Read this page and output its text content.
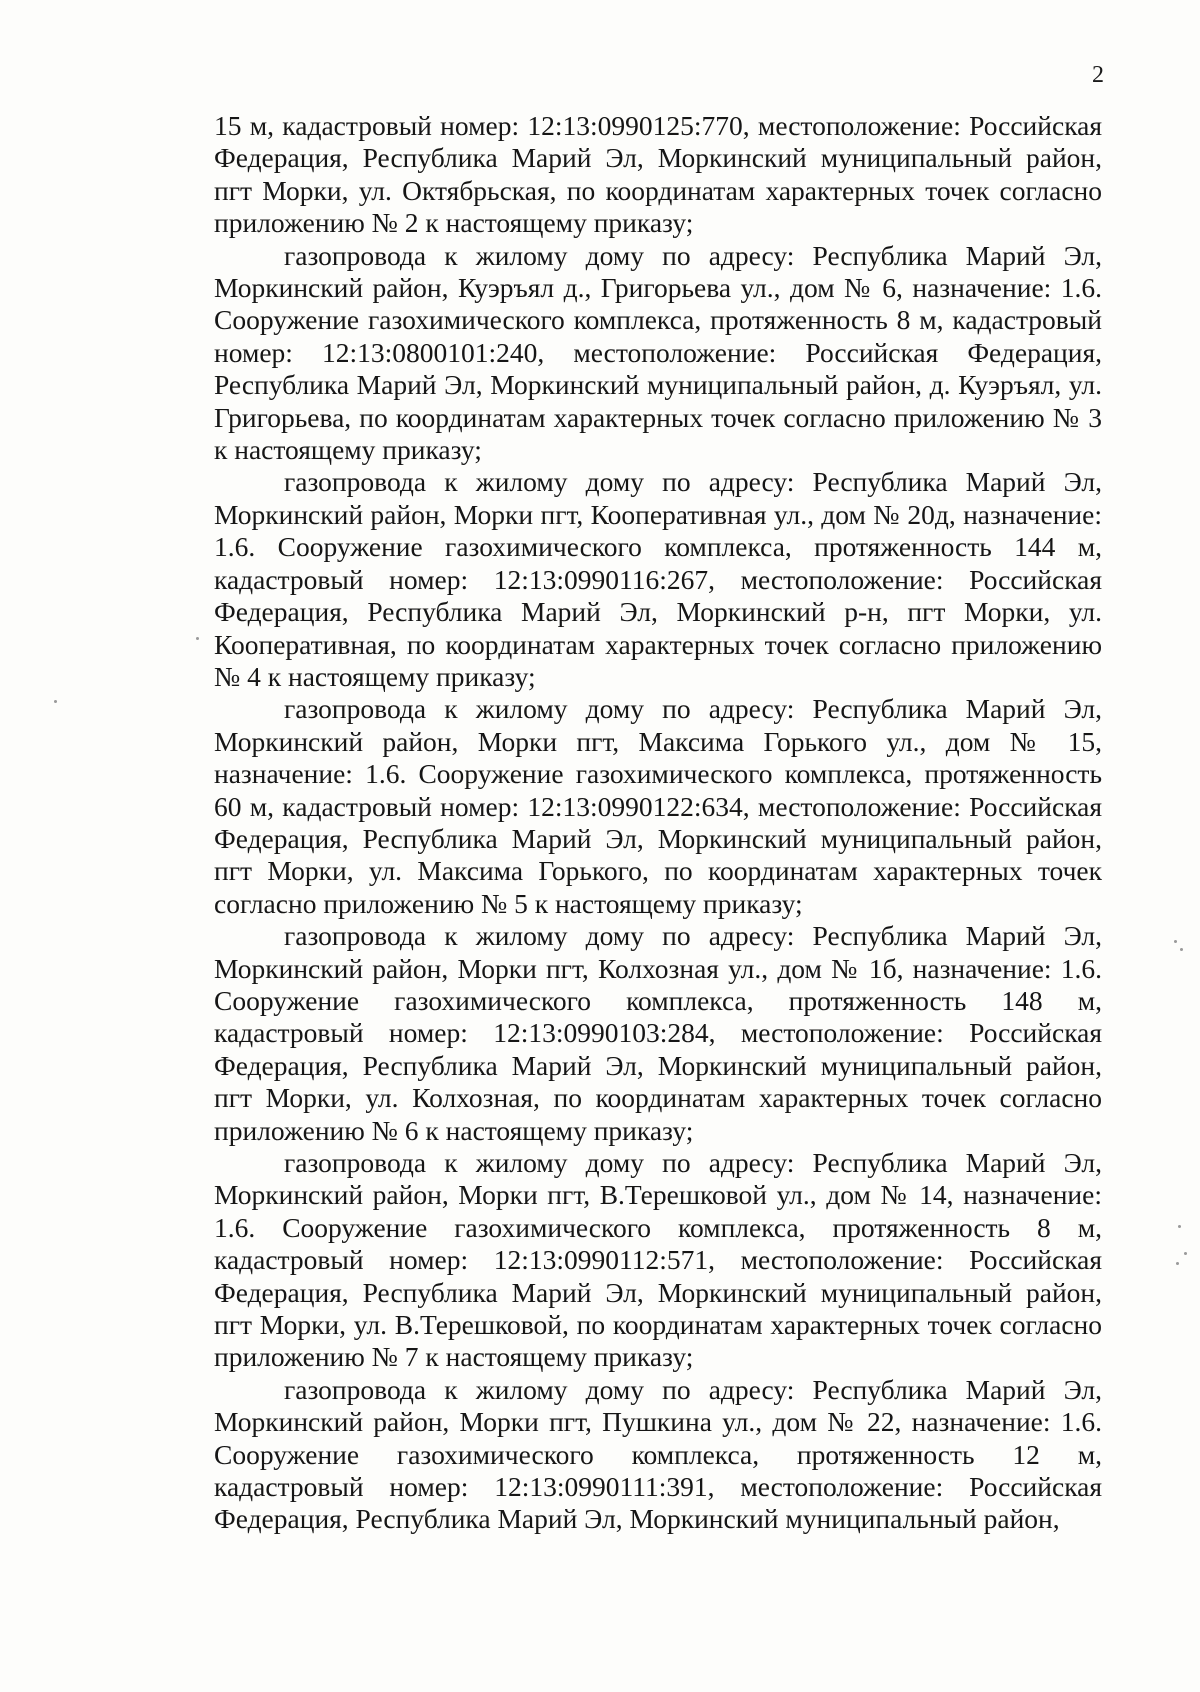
2

15 м, кадастровый номер: 12:13:0990125:770, местоположение: Российская Федерация, Республика Марий Эл, Моркинский муниципальный район, пгт Морки, ул. Октябрьская, по координатам характерных точек согласно приложению № 2 к настоящему приказу;

газопровода к жилому дому по адресу: Республика Марий Эл, Моркинский район, Куэръял д., Григорьева ул., дом № 6, назначение: 1.6. Сооружение газохимического комплекса, протяженность 8 м, кадастровый номер: 12:13:0800101:240, местоположение: Российская Федерация, Республика Марий Эл, Моркинский муниципальный район, д. Куэръял, ул. Григорьева, по координатам характерных точек согласно приложению № 3 к настоящему приказу;

газопровода к жилому дому по адресу: Республика Марий Эл, Моркинский район, Морки пгт, Кооперативная ул., дом № 20д, назначение: 1.6. Сооружение газохимического комплекса, протяженность 144 м, кадастровый номер: 12:13:0990116:267, местоположение: Российская Федерация, Республика Марий Эл, Моркинский р-н, пгт Морки, ул. Кооперативная, по координатам характерных точек согласно приложению № 4 к настоящему приказу;

газопровода к жилому дому по адресу: Республика Марий Эл, Моркинский район, Морки пгт, Максима Горького ул., дом № 15, назначение: 1.6. Сооружение газохимического комплекса, протяженность 60 м, кадастровый номер: 12:13:0990122:634, местоположение: Российская Федерация, Республика Марий Эл, Моркинский муниципальный район, пгт Морки, ул. Максима Горького, по координатам характерных точек согласно приложению № 5 к настоящему приказу;

газопровода к жилому дому по адресу: Республика Марий Эл, Моркинский район, Морки пгт, Колхозная ул., дом № 1б, назначение: 1.6. Сооружение газохимического комплекса, протяженность 148 м, кадастровый номер: 12:13:0990103:284, местоположение: Российская Федерация, Республика Марий Эл, Моркинский муниципальный район, пгт Морки, ул. Колхозная, по координатам характерных точек согласно приложению № 6 к настоящему приказу;

газопровода к жилому дому по адресу: Республика Марий Эл, Моркинский район, Морки пгт, В.Терешковой ул., дом № 14, назначение: 1.6. Сооружение газохимического комплекса, протяженность 8 м, кадастровый номер: 12:13:0990112:571, местоположение: Российская Федерация, Республика Марий Эл, Моркинский муниципальный район, пгт Морки, ул. В.Терешковой, по координатам характерных точек согласно приложению № 7 к настоящему приказу;

газопровода к жилому дому по адресу: Республика Марий Эл, Моркинский район, Морки пгт, Пушкина ул., дом № 22, назначение: 1.6. Сооружение газохимического комплекса, протяженность 12 м, кадастровый номер: 12:13:0990111:391, местоположение: Российская Федерация, Республика Марий Эл, Моркинский муниципальный район,
